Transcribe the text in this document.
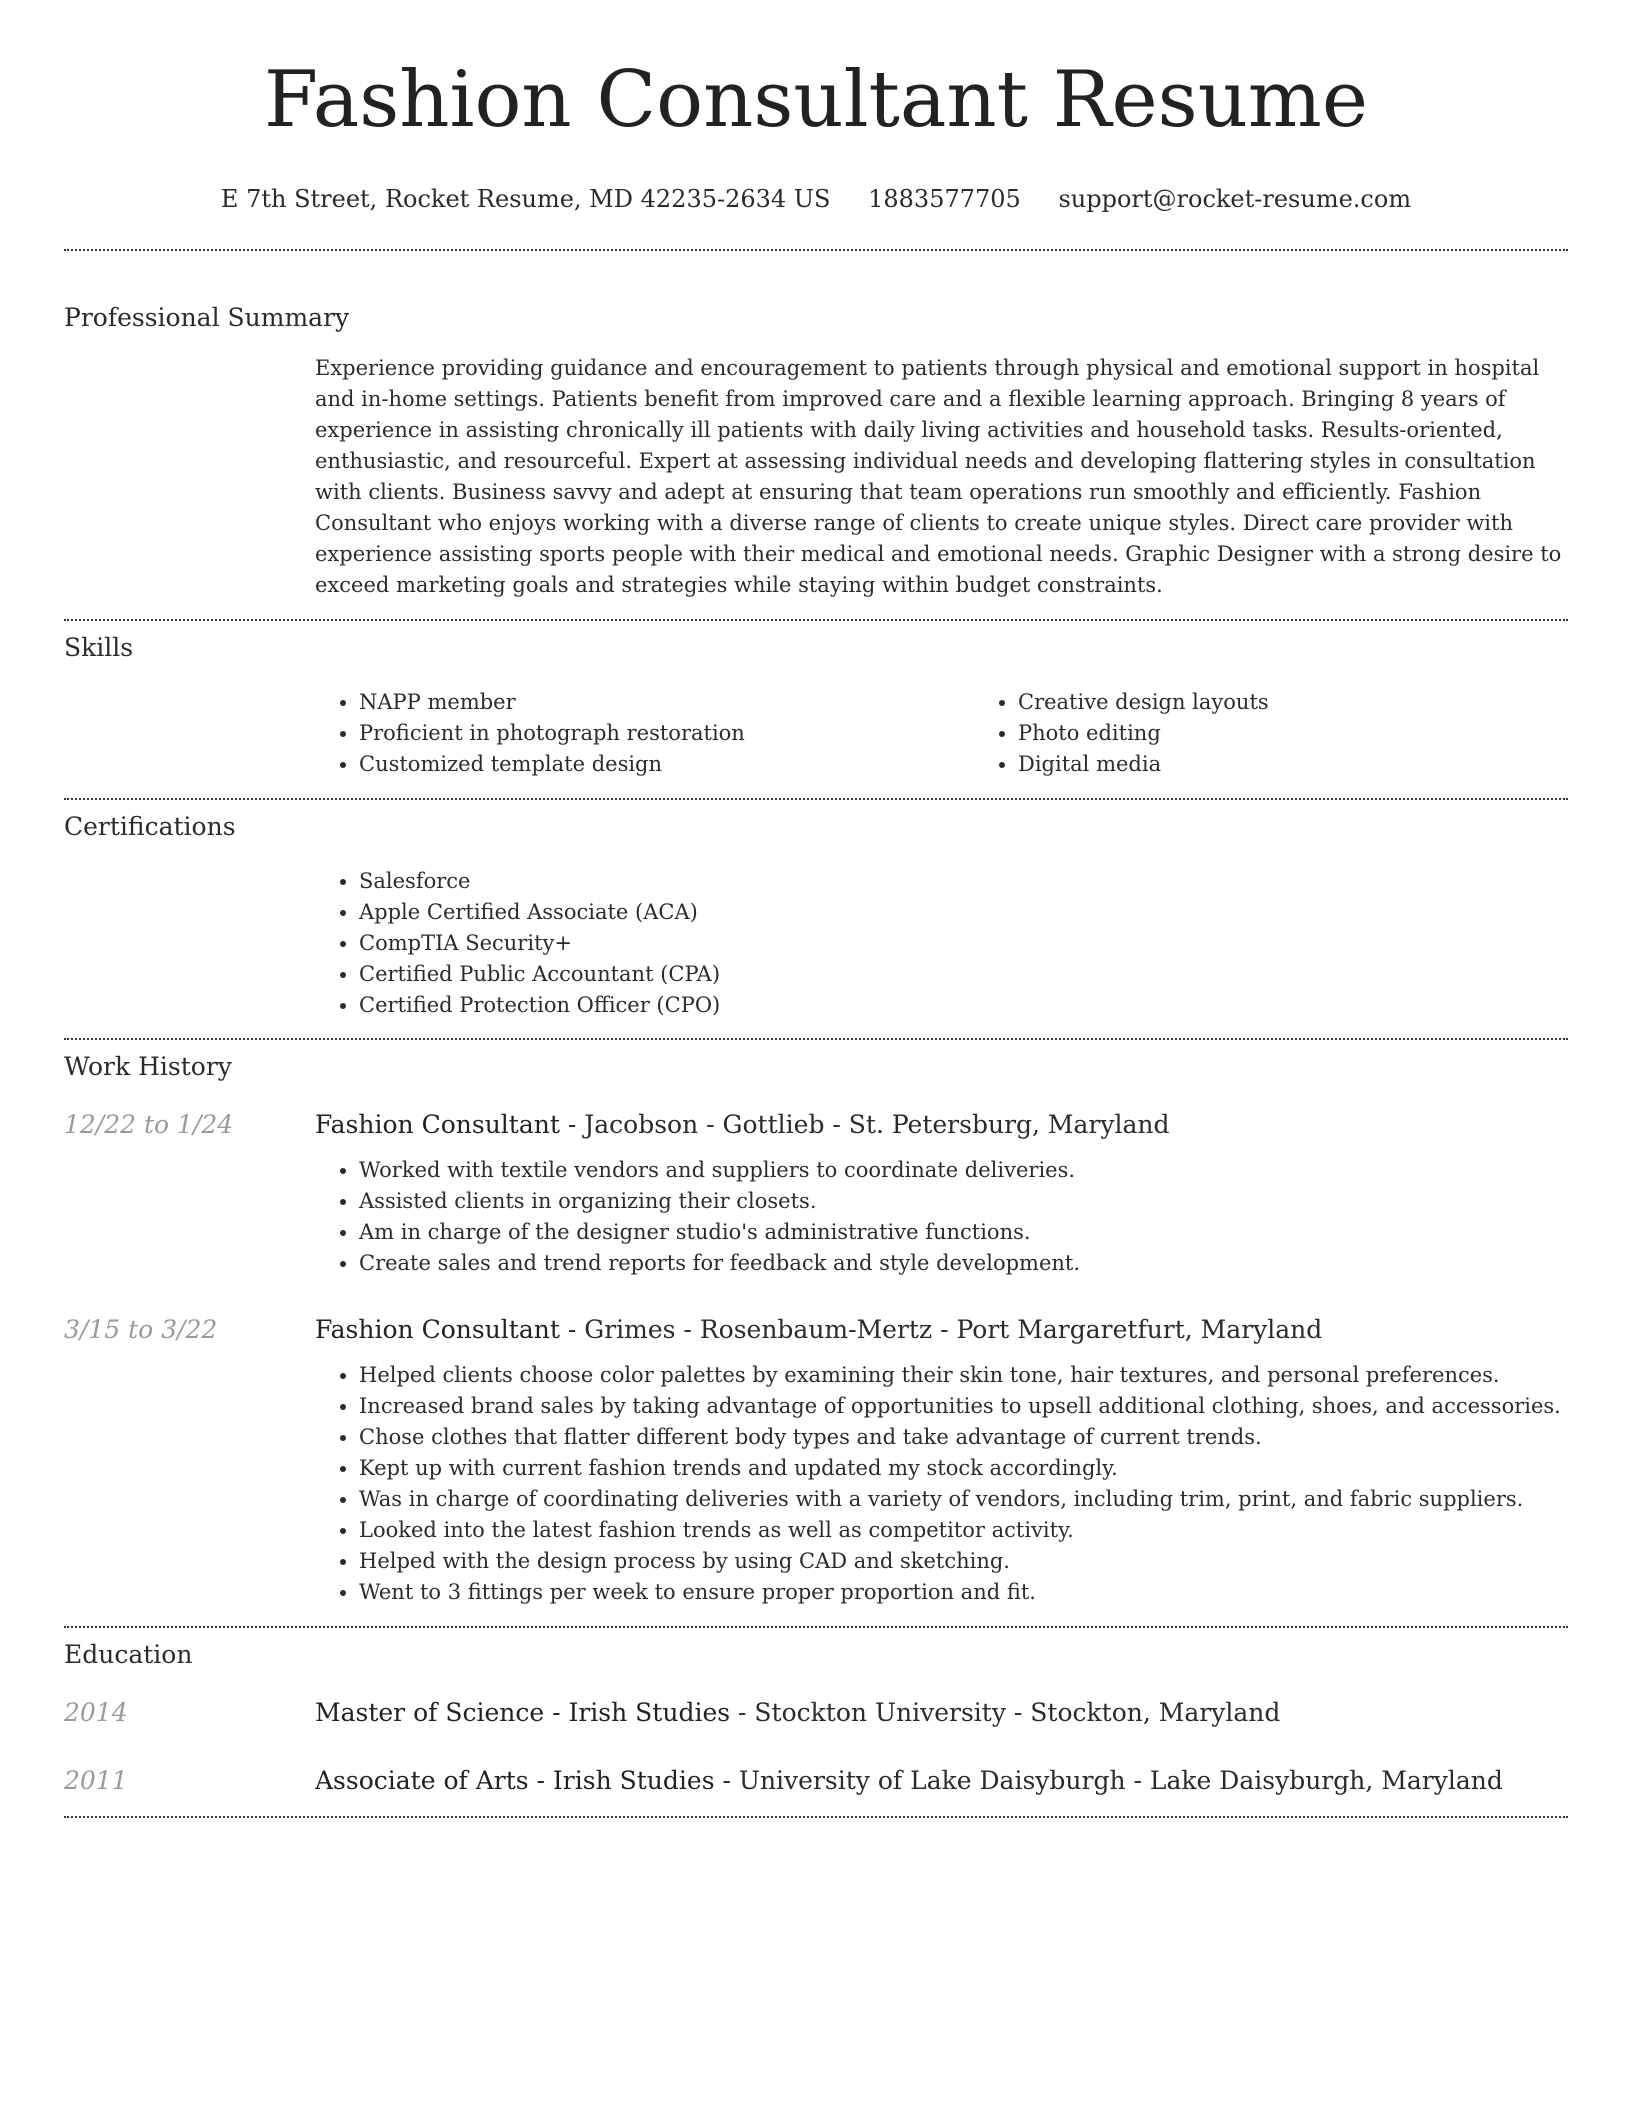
Fashion Consultant Resume
E 7th Street, Rocket Resume, MD 42235-2634 US 1883577705 support@rocket-resume.com
Professional Summary

Experience providing guidance and encouragement to patients through physical and emotional support in hospital and in-home settings. Patients benefit from improved care and a flexible learning approach. Bringing 8 years of experience in assisting chronically ill patients with daily living activities and household tasks. Results-oriented, enthusiastic, and resourceful. Expert at assessing individual needs and developing flattering styles in consultation with clients. Business savvy and adept at ensuring that team operations run smoothly and efficiently. Fashion Consultant who enjoys working with a diverse range of clients to create unique styles. Direct care provider with experience assisting sports people with their medical and emotional needs. Graphic Designer with a strong desire to exceed marketing goals and strategies while staying within budget constraints.

Skills
• NAPP member
• Proficient in photograph restoration
• Customized template design
• Creative design layouts
• Photo editing
• Digital media
Certifications
• Salesforce
• Apple Certified Associate (ACA)
• CompTIA Security+
• Certified Public Accountant (CPA)
• Certified Protection Officer (CPO)
Work History
12/22 to 1/24	Fashion Consultant - Jacobson - Gottlieb - St. Petersburg, Maryland
• Worked with textile vendors and suppliers to coordinate deliveries.
• Assisted clients in organizing their closets.
• Am in charge of the designer studio's administrative functions.
• Create sales and trend reports for feedback and style development.
3/15 to 3/22	Fashion Consultant - Grimes - Rosenbaum-Mertz - Port Margaretfurt, Maryland
• Helped clients choose color palettes by examining their skin tone, hair textures, and personal preferences.
• Increased brand sales by taking advantage of opportunities to upsell additional clothing, shoes, and accessories.
• Chose clothes that flatter different body types and take advantage of current trends.
• Kept up with current fashion trends and updated my stock accordingly.
• Was in charge of coordinating deliveries with a variety of vendors, including trim, print, and fabric suppliers.
• Looked into the latest fashion trends as well as competitor activity.
• Helped with the design process by using CAD and sketching.
• Went to 3 fittings per week to ensure proper proportion and fit.
Education
2014	Master of Science - Irish Studies - Stockton University - Stockton, Maryland
2011	Associate of Arts - Irish Studies - University of Lake Daisyburgh - Lake Daisyburgh, Maryland
